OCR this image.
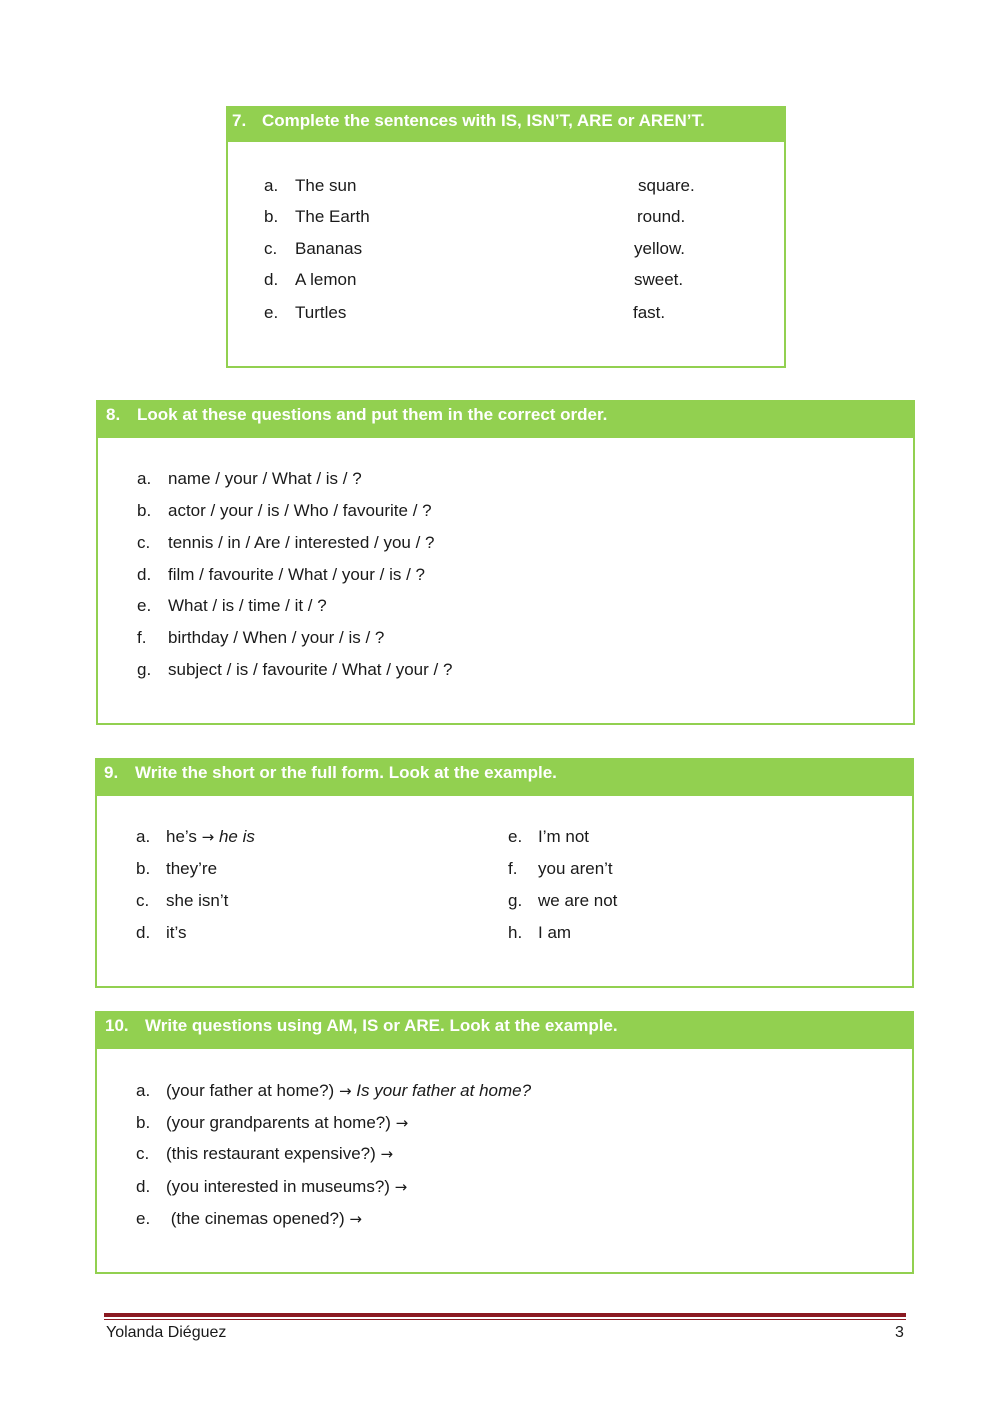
7. Complete the sentences with IS, ISN’T, ARE or AREN’T.
a. The sun	square.
b. The Earth	round.
c. Bananas	yellow.
d. A lemon	sweet.
e. Turtles	fast.
8. Look at these questions and put them in the correct order.
a. name / your / What / is / ?
b. actor / your / is / Who / favourite / ?
c. tennis / in / Are / interested / you / ?
d. film / favourite / What / your / is / ?
e. What / is / time / it / ?
f. birthday / When / your / is / ?
g. subject / is / favourite / What / your / ?
9. Write the short or the full form. Look at the example.
a. he’s → he is
b. they’re
c. she isn’t
d. it’s
e. I’m not
f. you aren’t
g. we are not
h. I am
10. Write questions using AM, IS or ARE. Look at the example.
a. (your father at home?) → Is your father at home?
b. (your grandparents at home?) →
c. (this restaurant expensive?) →
d. (you interested in museums?) →
e. (the cinemas opened?) →
Yolanda Diéguez	3
